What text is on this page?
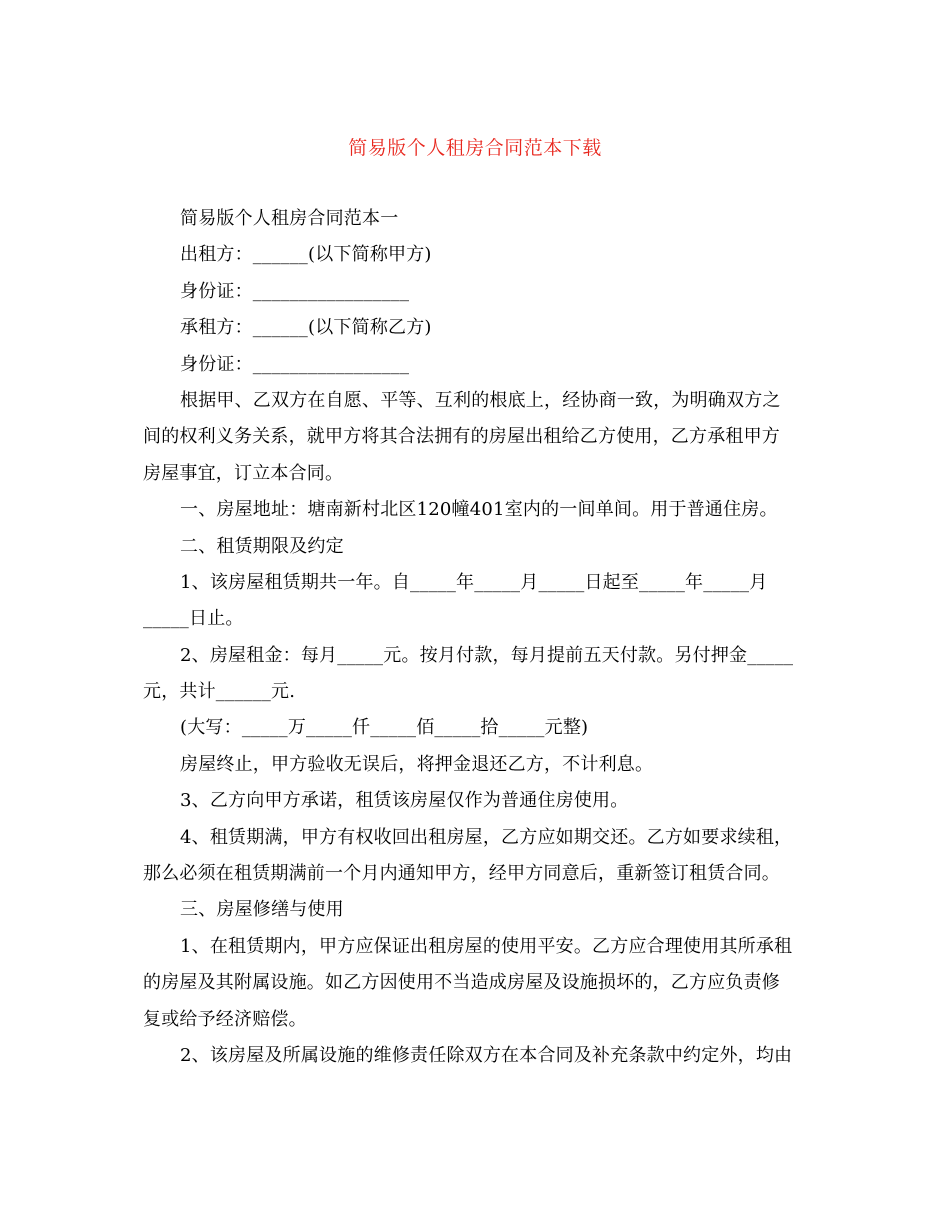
简易版个人租房合同范本下载
简易版个人租房合同范本一
出租方：______(以下简称甲方)
身份证：_________________
承租方：______(以下简称乙方)
身份证：_________________
根据甲、乙双方在自愿、平等、互利的根底上，经协商一致，为明确双方之
间的权利义务关系，就甲方将其合法拥有的房屋出租给乙方使用，乙方承租甲方
房屋事宜，订立本合同。
一、房屋地址：塘南新村北区120幢401室内的一间单间。用于普通住房。
二、租赁期限及约定
1、该房屋租赁期共一年。自_____年_____月_____日起至_____年_____月
_____日止。
2、房屋租金：每月_____元。按月付款，每月提前五天付款。另付押金_____
元，共计______元.
(大写：_____万_____仟_____佰_____拾_____元整)
房屋终止，甲方验收无误后，将押金退还乙方，不计利息。
3、乙方向甲方承诺，租赁该房屋仅作为普通住房使用。
4、租赁期满，甲方有权收回出租房屋，乙方应如期交还。乙方如要求续租，
那么必须在租赁期满前一个月内通知甲方，经甲方同意后，重新签订租赁合同。
三、房屋修缮与使用
1、在租赁期内，甲方应保证出租房屋的使用平安。乙方应合理使用其所承租
的房屋及其附属设施。如乙方因使用不当造成房屋及设施损坏的，乙方应负责修
复或给予经济赔偿。
2、该房屋及所属设施的维修责任除双方在本合同及补充条款中约定外，均由
